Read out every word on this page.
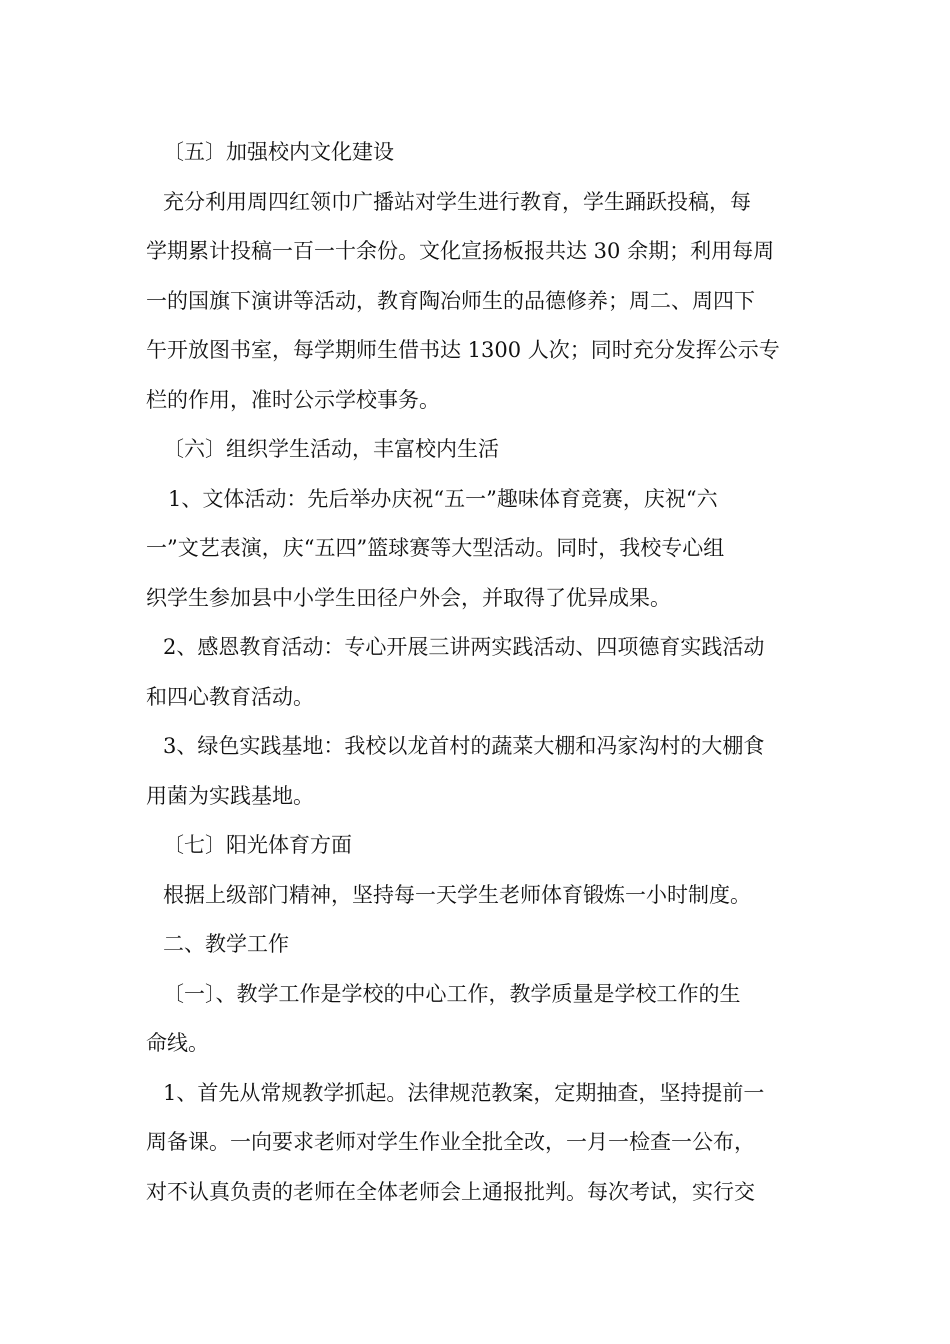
〔五〕加强校内文化建设
充分利用周四红领巾广播站对学生进行教育，学生踊跃投稿，每
学期累计投稿一百一十余份。文化宣扬板报共达 30 余期；利用每周
一的国旗下演讲等活动，教育陶冶师生的品德修养；周二、周四下
午开放图书室，每学期师生借书达 1300 人次；同时充分发挥公示专
栏的作用，准时公示学校事务。
〔六〕组织学生活动，丰富校内生活
1、文体活动：先后举办庆祝“五一”趣味体育竞赛，庆祝“六
一”文艺表演，庆“五四”篮球赛等大型活动。同时，我校专心组
织学生参加县中小学生田径户外会，并取得了优异成果。
2、感恩教育活动：专心开展三讲两实践活动、四项德育实践活动
和四心教育活动。
3、绿色实践基地：我校以龙首村的蔬菜大棚和冯家沟村的大棚食
用菌为实践基地。
〔七〕阳光体育方面
根据上级部门精神，坚持每一天学生老师体育锻炼一小时制度。
二、教学工作
〔一〕、教学工作是学校的中心工作，教学质量是学校工作的生
命线。
1、首先从常规教学抓起。法律规范教案，定期抽查，坚持提前一
周备课。一向要求老师对学生作业全批全改，一月一检查一公布，
对不认真负责的老师在全体老师会上通报批判。每次考试，实行交
